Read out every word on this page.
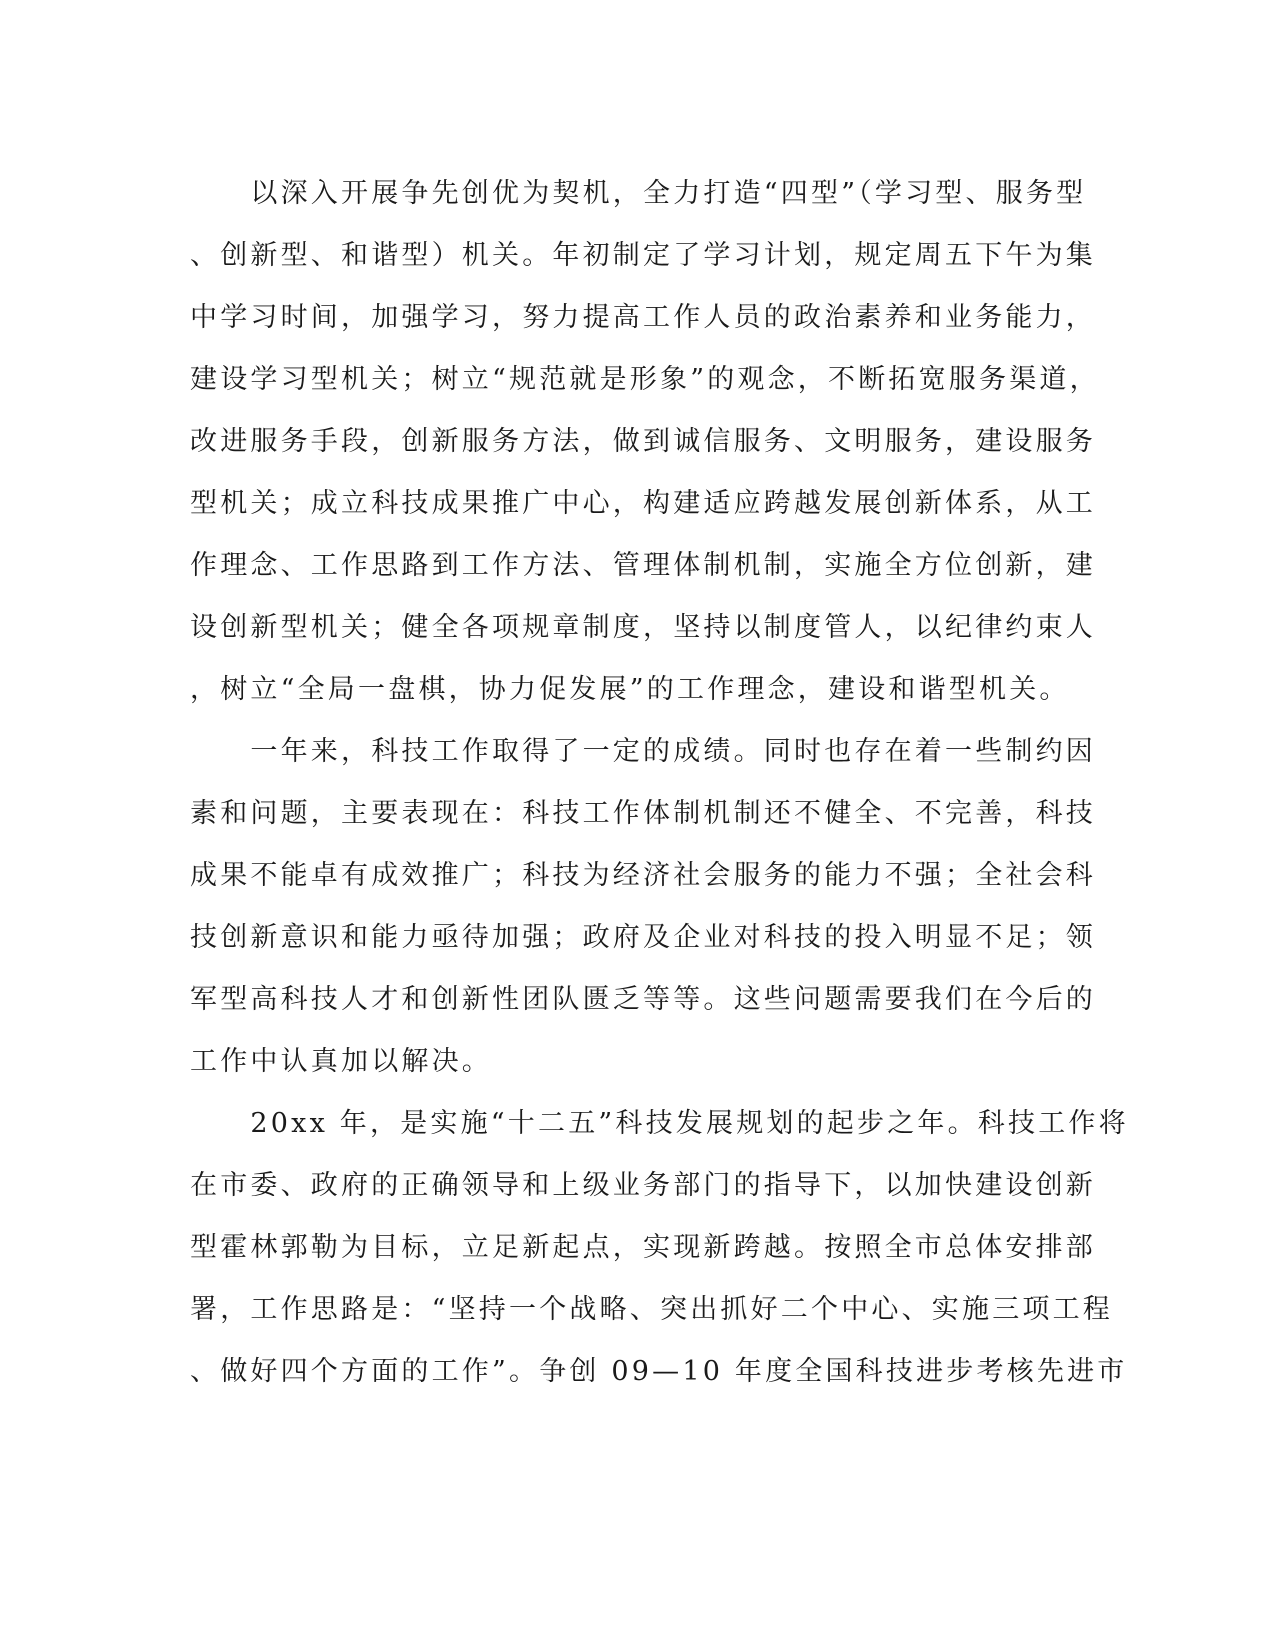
　　以深入开展争先创优为契机，全力打造“四型”（学习型、服务型
、创新型、和谐型）机关。年初制定了学习计划，规定周五下午为集
中学习时间，加强学习，努力提高工作人员的政治素养和业务能力，
建设学习型机关；树立“规范就是形象”的观念，不断拓宽服务渠道，
改进服务手段，创新服务方法，做到诚信服务、文明服务，建设服务
型机关；成立科技成果推广中心，构建适应跨越发展创新体系，从工
作理念、工作思路到工作方法、管理体制机制，实施全方位创新，建
设创新型机关；健全各项规章制度，坚持以制度管人，以纪律约束人
，树立“全局一盘棋，协力促发展”的工作理念，建设和谐型机关。
　　一年来，科技工作取得了一定的成绩。同时也存在着一些制约因
素和问题，主要表现在：科技工作体制机制还不健全、不完善，科技
成果不能卓有成效推广；科技为经济社会服务的能力不强；全社会科
技创新意识和能力亟待加强；政府及企业对科技的投入明显不足；领
军型高科技人才和创新性团队匮乏等等。这些问题需要我们在今后的
工作中认真加以解决。
　　20xx 年，是实施“十二五”科技发展规划的起步之年。科技工作将
在市委、政府的正确领导和上级业务部门的指导下，以加快建设创新
型霍林郭勒为目标，立足新起点，实现新跨越。按照全市总体安排部
署，工作思路是：“坚持一个战略、突出抓好二个中心、实施三项工程
、做好四个方面的工作”。争创 09—10 年度全国科技进步考核先进市
